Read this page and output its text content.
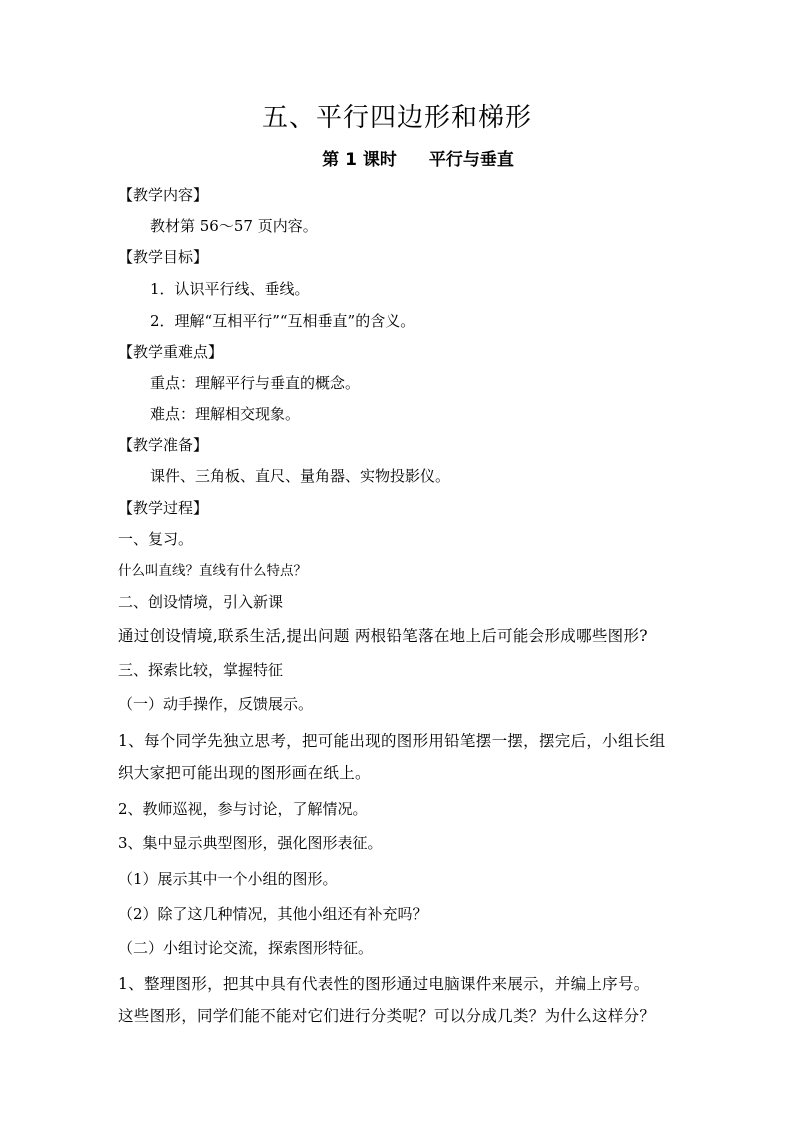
五、平行四边形和梯形
第 1 课时 平行与垂直
【教学内容】
教材第 56～57 页内容。
【教学目标】
1．认识平行线、垂线。
2．理解“互相平行”“互相垂直”的含义。
【教学重难点】
重点：理解平行与垂直的概念。
难点：理解相交现象。
【教学准备】
课件、三角板、直尺、量角器、实物投影仪。
【教学过程】
一、复习。
什么叫直线？直线有什么特点？
二、创设情境，引入新课
通过创设情境,联系生活,提出问题 两根铅笔落在地上后可能会形成哪些图形?
三、探索比较，掌握特征
（一）动手操作，反馈展示。
1、每个同学先独立思考，把可能出现的图形用铅笔摆一摆，摆完后，小组长组
织大家把可能出现的图形画在纸上。
2、教师巡视，参与讨论，了解情况。
3、集中显示典型图形，强化图形表征。
（1）展示其中一个小组的图形。
（2）除了这几种情况，其他小组还有补充吗？
（二）小组讨论交流，探索图形特征。
1、整理图形，把其中具有代表性的图形通过电脑课件来展示，并编上序号。
这些图形，同学们能不能对它们进行分类呢？可以分成几类？为什么这样分？
